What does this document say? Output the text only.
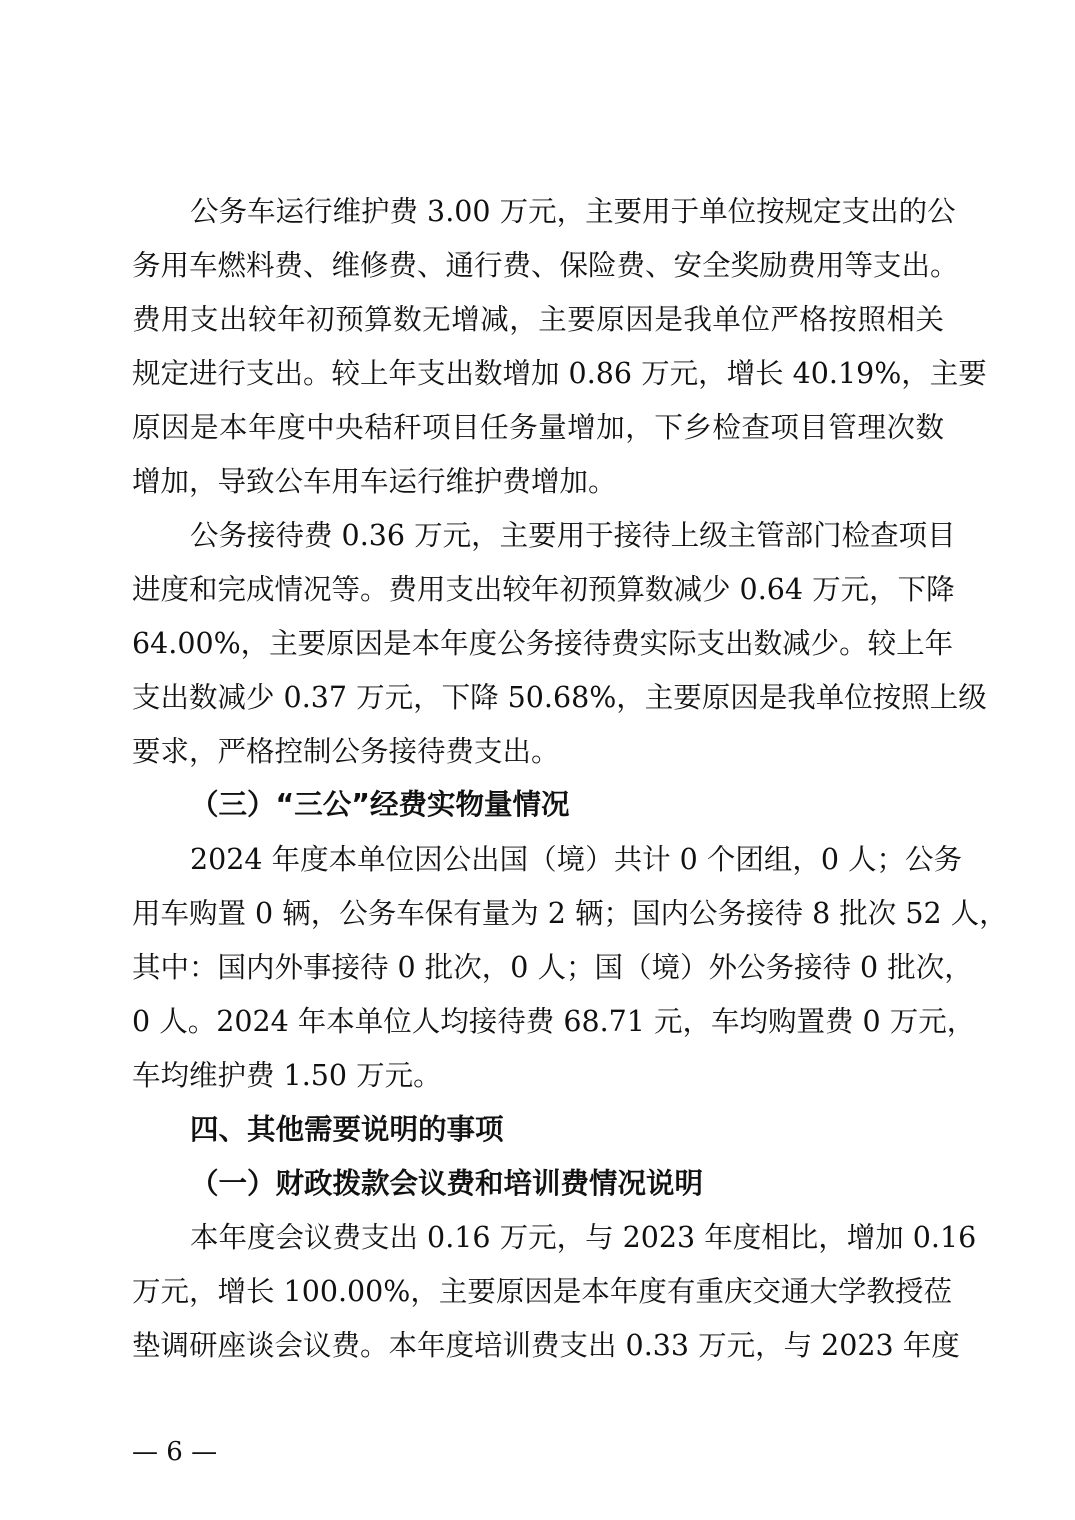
公务车运行维护费 3.00 万元，主要用于单位按规定支出的公
务用车燃料费、维修费、通行费、保险费、安全奖励费用等支出。
费用支出较年初预算数无增减，主要原因是我单位严格按照相关
规定进行支出。较上年支出数增加 0.86 万元，增长 40.19%，主要
原因是本年度中央秸秆项目任务量增加，下乡检查项目管理次数
增加，导致公车用车运行维护费增加。
公务接待费 0.36 万元，主要用于接待上级主管部门检查项目
进度和完成情况等。费用支出较年初预算数减少 0.64 万元，下降
64.00%，主要原因是本年度公务接待费实际支出数减少。较上年
支出数减少 0.37 万元，下降 50.68%，主要原因是我单位按照上级
要求，严格控制公务接待费支出。
（三）“三公”经费实物量情况
2024 年度本单位因公出国（境）共计 0 个团组，0 人；公务
用车购置 0 辆，公务车保有量为 2 辆；国内公务接待 8 批次 52 人，
其中：国内外事接待 0 批次，0 人；国（境）外公务接待 0 批次，
0 人。2024 年本单位人均接待费 68.71 元，车均购置费 0 万元，
车均维护费 1.50 万元。
四、其他需要说明的事项
（一）财政拨款会议费和培训费情况说明
本年度会议费支出 0.16 万元，与 2023 年度相比，增加 0.16
万元，增长 100.00%，主要原因是本年度有重庆交通大学教授莅
垫调研座谈会议费。本年度培训费支出 0.33 万元，与 2023 年度
— 6 —
